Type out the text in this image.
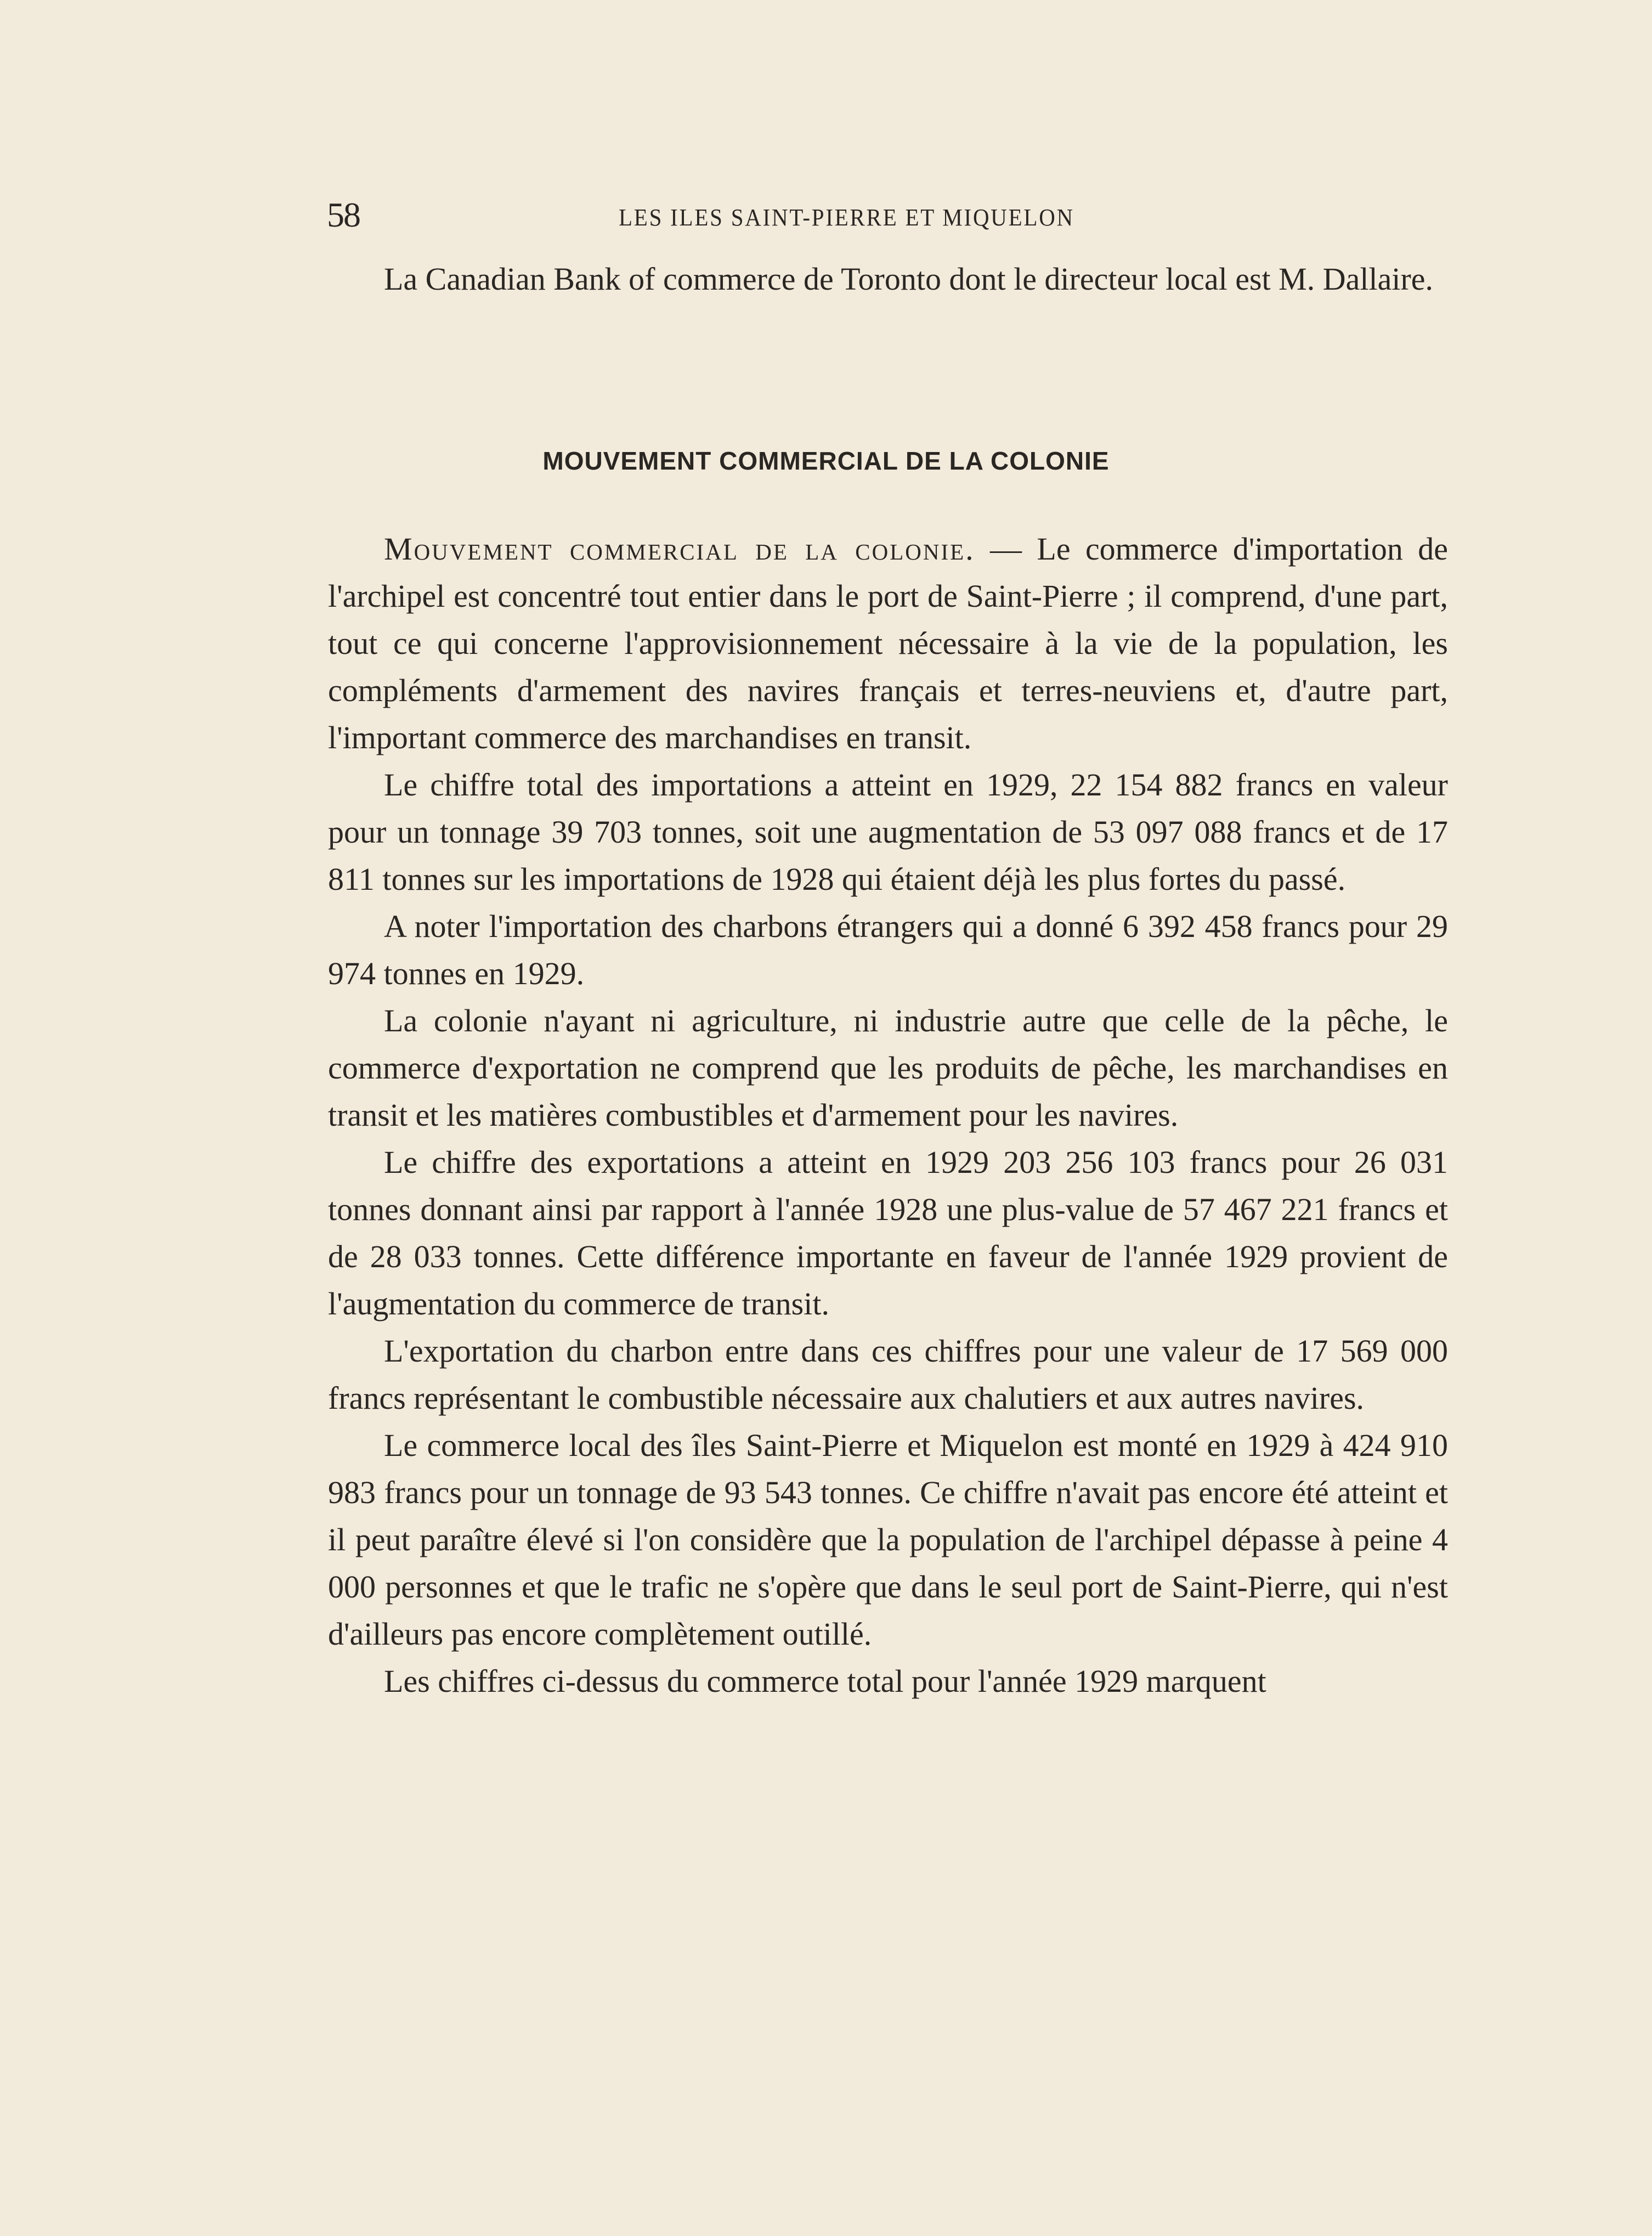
58	LES ILES SAINT-PIERRE ET MIQUELON

La Canadian Bank of commerce de Toronto dont le directeur local est M. Dallaire.

MOUVEMENT COMMERCIAL DE LA COLONIE

Mouvement commercial de la colonie. — Le commerce d'importation de l'archipel est concentré tout entier dans le port de Saint-Pierre ; il comprend, d'une part, tout ce qui concerne l'approvisionnement nécessaire à la vie de la population, les compléments d'armement des navires français et terres-neuviens et, d'autre part, l'important commerce des marchandises en transit.

Le chiffre total des importations a atteint en 1929, 22 154 882 francs en valeur pour un tonnage 39 703 tonnes, soit une augmentation de 53 097 088 francs et de 17 811 tonnes sur les importations de 1928 qui étaient déjà les plus fortes du passé.

A noter l'importation des charbons étrangers qui a donné 6 392 458 francs pour 29 974 tonnes en 1929.

La colonie n'ayant ni agriculture, ni industrie autre que celle de la pêche, le commerce d'exportation ne comprend que les produits de pêche, les marchandises en transit et les matières combustibles et d'armement pour les navires.

Le chiffre des exportations a atteint en 1929 203 256 103 francs pour 26 031 tonnes donnant ainsi par rapport à l'année 1928 une plus-value de 57 467 221 francs et de 28 033 tonnes. Cette différence importante en faveur de l'année 1929 provient de l'augmentation du commerce de transit.

L'exportation du charbon entre dans ces chiffres pour une valeur de 17 569 000 francs représentant le combustible nécessaire aux chalutiers et aux autres navires.

Le commerce local des îles Saint-Pierre et Miquelon est monté en 1929 à 424 910 983 francs pour un tonnage de 93 543 tonnes. Ce chiffre n'avait pas encore été atteint et il peut paraître élevé si l'on considère que la population de l'archipel dépasse à peine 4 000 personnes et que le trafic ne s'opère que dans le seul port de Saint-Pierre, qui n'est d'ailleurs pas encore complètement outillé.

Les chiffres ci-dessus du commerce total pour l'année 1929 marquent
